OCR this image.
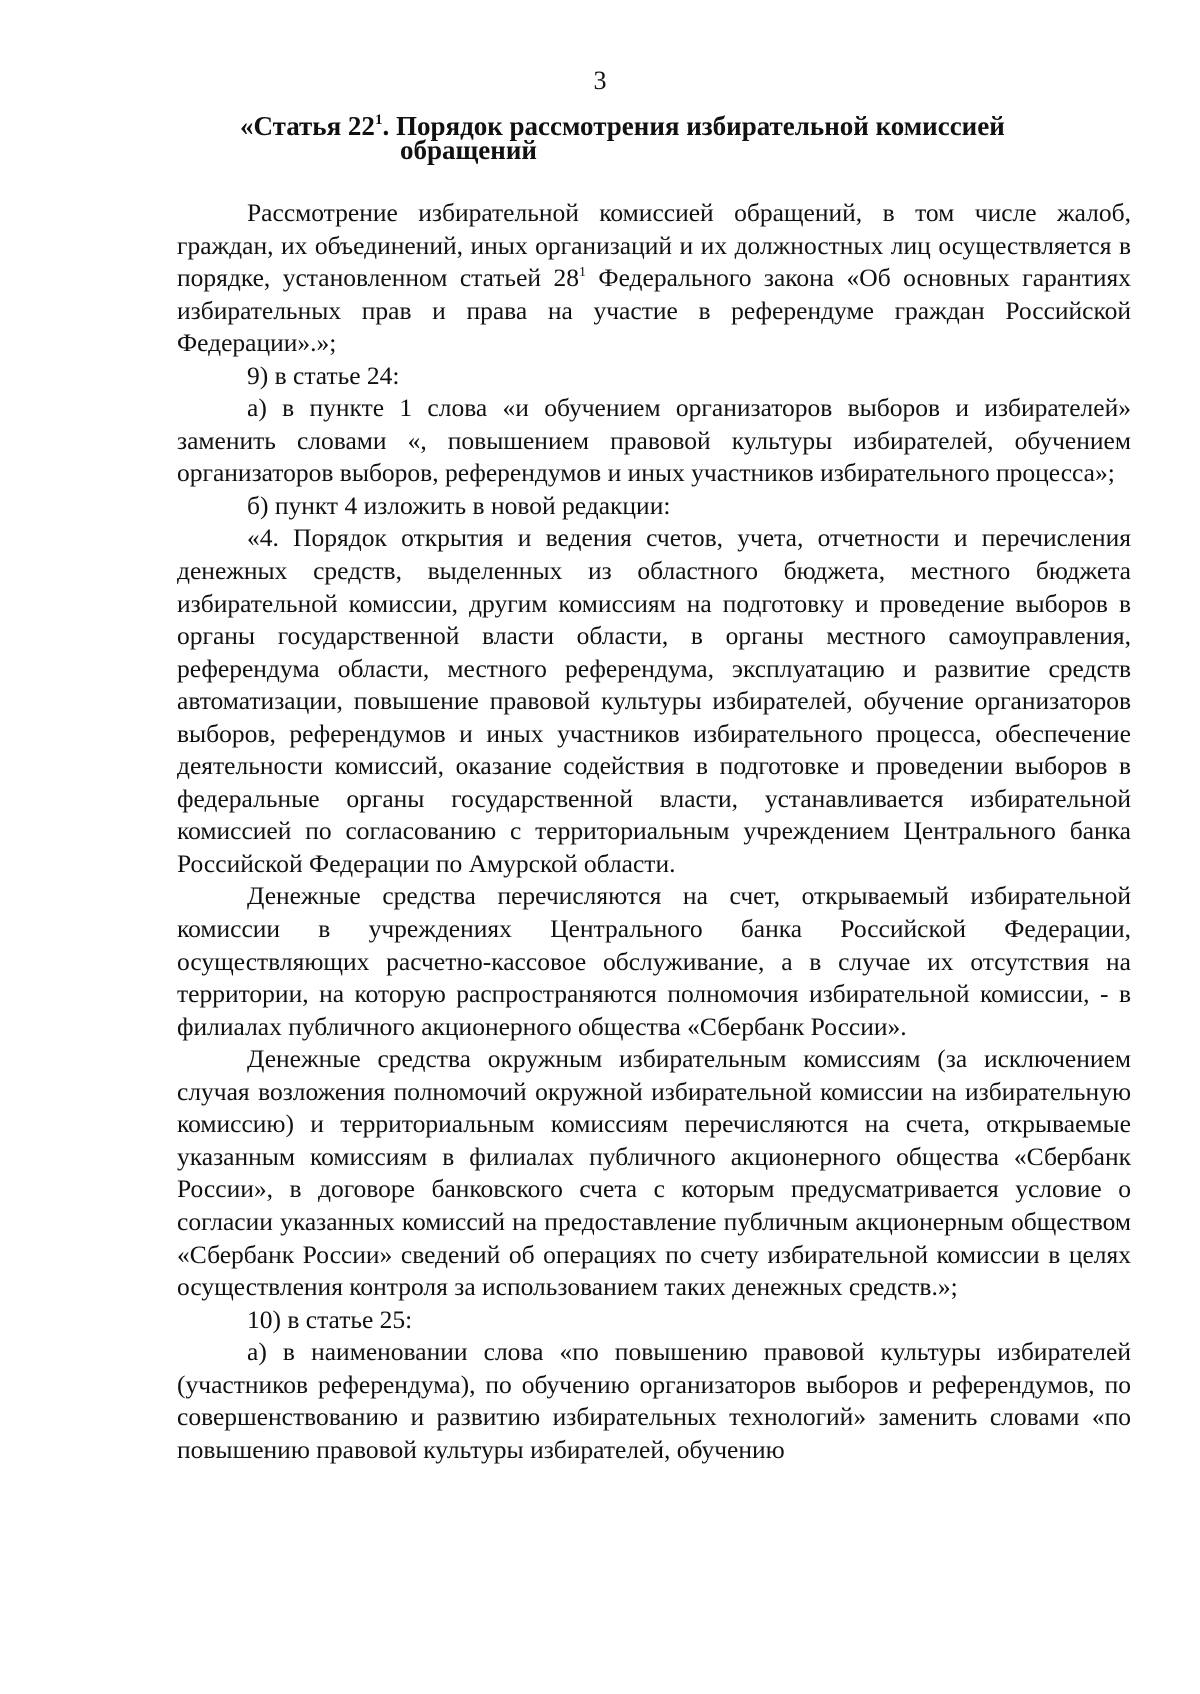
3
«Статья $22^1$. Порядок рассмотрения избирательной комиссией
обращений

Рассмотрение избирательной комиссией обращений, в том числе жалоб, граждан, их объединений, иных организаций и их должностных лиц осуществляется в порядке, установленном статьей $28^1$ Федерального закона «Об основных гарантиях избирательных прав и права на участие в референдуме граждан Российской Федерации».»;

9) в статье 24:

а) в пункте 1 слова «и обучением организаторов выборов и избирателей» заменить словами «, повышением правовой культуры избирателей, обучением организаторов выборов, референдумов и иных участников избирательного процесса»;

б) пункт 4 изложить в новой редакции:

«4. Порядок открытия и ведения счетов, учета, отчетности и перечисления денежных средств, выделенных из областного бюджета, местного бюджета избирательной комиссии, другим комиссиям на подготовку и проведение выборов в органы государственной власти области, в органы местного самоуправления, референдума области, местного референдума, эксплуатацию и развитие средств автоматизации, повышение правовой культуры избирателей, обучение организаторов выборов, референдумов и иных участников избирательного процесса, обеспечение деятельности комиссий, оказание содействия в подготовке и проведении выборов в федеральные органы государственной власти, устанавливается избирательной комиссией по согласованию с территориальным учреждением Центрального банка Российской Федерации по Амурской области.

Денежные средства перечисляются на счет, открываемый избирательной комиссии в учреждениях Центрального банка Российской Федерации, осуществляющих расчетно-кассовое обслуживание, а в случае их отсутствия на территории, на которую распространяются полномочия избирательной комиссии, - в филиалах публичного акционерного общества «Сбербанк России».

Денежные средства окружным избирательным комиссиям (за исключением случая возложения полномочий окружной избирательной комиссии на избирательную комиссию) и территориальным комиссиям перечисляются на счета, открываемые указанным комиссиям в филиалах публичного акционерного общества «Сбербанк России», в договоре банковского счета с которым предусматривается условие о согласии указанных комиссий на предоставление публичным акционерным обществом «Сбербанк России» сведений об операциях по счету избирательной комиссии в целях осуществления контроля за использованием таких денежных средств.»;

10) в статье 25:

а) в наименовании слова «по повышению правовой культуры избирателей (участников референдума), по обучению организаторов выборов и референдумов, по совершенствованию и развитию избирательных технологий» заменить словами «по повышению правовой культуры избирателей, обучению
